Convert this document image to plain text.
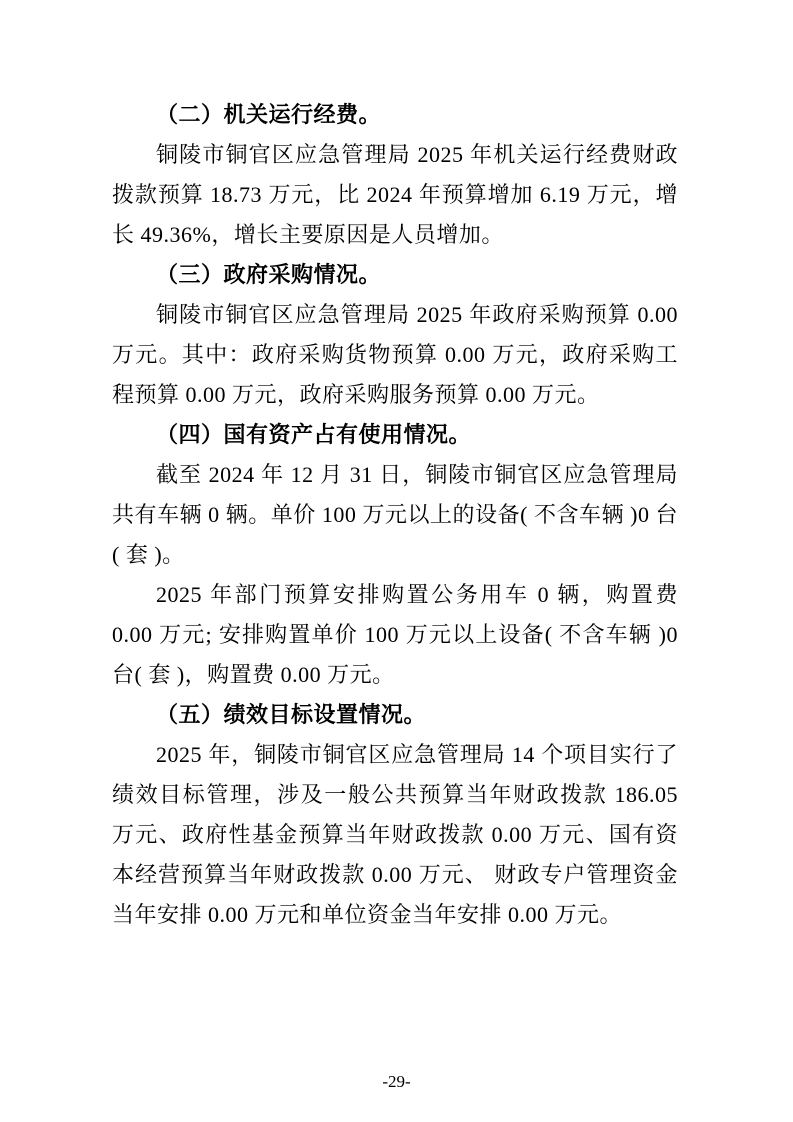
（二）机关运行经费。

铜陵市铜官区应急管理局 2025 年机关运行经费财政拨款预算 18.73 万元，比 2024 年预算增加 6.19 万元，增长 49.36%，增长主要原因是人员增加。

（三）政府采购情况。

铜陵市铜官区应急管理局 2025 年政府采购预算 0.00 万元。其中：政府采购货物预算 0.00 万元，政府采购工程预算 0.00 万元，政府采购服务预算 0.00 万元。

（四）国有资产占有使用情况。

截至 2024 年 12 月 31 日，铜陵市铜官区应急管理局共有车辆 0 辆。单价 100 万元以上的设备( 不含车辆 )0 台( 套 )。

2025 年部门预算安排购置公务用车 0 辆，购置费 0.00 万元; 安排购置单价 100 万元以上设备( 不含车辆 )0 台( 套 )，购置费 0.00 万元。

（五）绩效目标设置情况。

2025 年，铜陵市铜官区应急管理局 14 个项目实行了绩效目标管理，涉及一般公共预算当年财政拨款 186.05 万元、政府性基金预算当年财政拨款 0.00 万元、国有资本经营预算当年财政拨款 0.00 万元、 财政专户管理资金当年安排 0.00 万元和单位资金当年安排 0.00 万元。

-29-
